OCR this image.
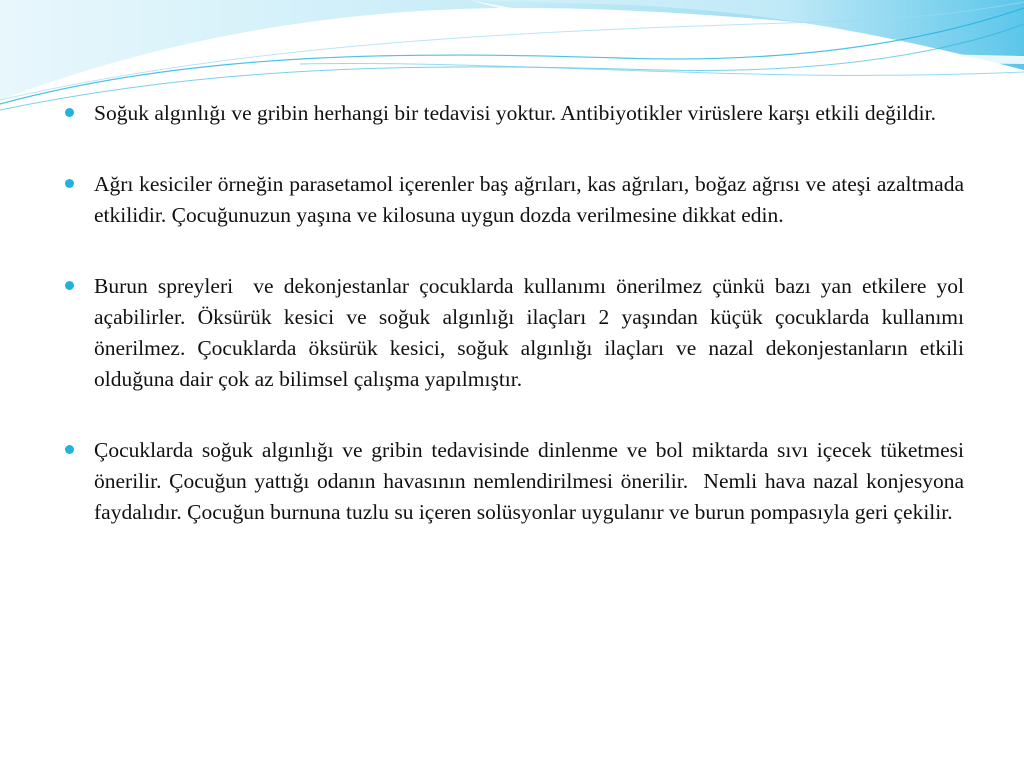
Soğuk algınlığı ve gribin herhangi bir tedavisi yoktur. Antibiyotikler virüslere karşı etkili değildir.
Ağrı kesiciler örneğin parasetamol içerenler baş ağrıları, kas ağrıları, boğaz ağrısı ve ateşi azaltmada etkilidir. Çocuğunuzun yaşına ve kilosuna uygun dozda verilmesine dikkat edin.
Burun spreyleri  ve dekonjestanlar çocuklarda kullanımı önerilmez çünkü bazı yan etkilere yol açabilirler. Öksürük kesici ve soğuk algınlığı ilaçları 2 yaşından küçük çocuklarda kullanımı önerilmez. Çocuklarda öksürük kesici, soğuk algınlığı ilaçları ve nazal dekonjestanların etkili olduğuna dair çok az bilimsel çalışma yapılmıştır.
Çocuklarda soğuk algınlığı ve gribin tedavisinde dinlenme ve bol miktarda sıvı içecek tüketmesi önerilir. Çocuğun yattığı odanın havasının nemlendirilmesi önerilir.  Nemli hava nazal konjesyona faydalıdır. Çocuğun burnuna tuzlu su içeren solüsyonlar uygulanır ve burun pompasıyla geri çekilir.
